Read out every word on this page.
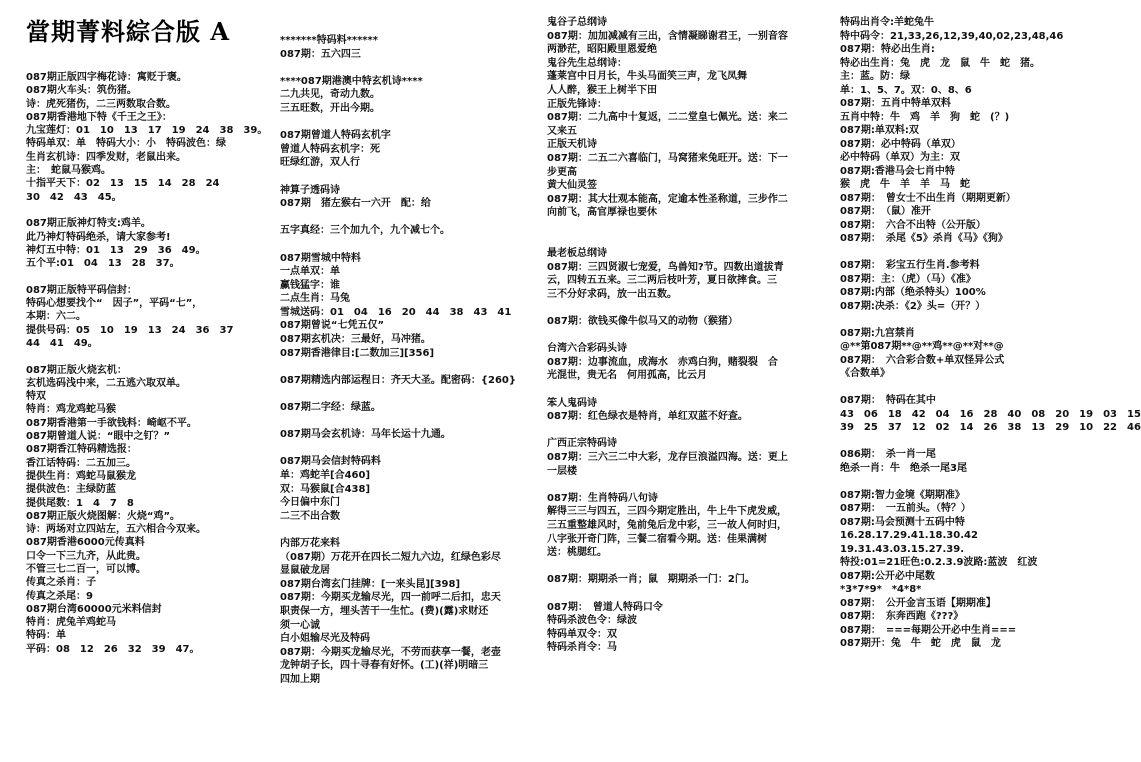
當期菁料綜合版 A
087期正版四字梅花诗：寓贬于褒。
087期火车头：筑伤猪。
诗：虎死猪伤，二三两数取合数。
087期香港地下特《千王之王》：
九宝莲灯：01　10　13　17　19　24　38　39。
特码单双：单　特码大小：小　特码波色：绿
生肖玄机诗：四季发财，老鼠出来。
主：　蛇鼠马猴鸡。
十指平天下：02　13　15　14　28　24
30　42　43　45。
087期正版神灯特支:鸡羊。
此乃神灯特码绝杀，请大家参考!
神灯五中特：01　13　29　36　49。
五个平:01　04　13　28　37。
087期正版特平码信封：
特码心想要找个“　因子”，平码“七”，
本期：六二。
提供号码：05　10　19　13　24　36　37
44　41　49。
087期正版火烧玄机：
玄机选码浅中来，二五逃六取双单。
特双
特肖：鸡龙鸡蛇马猴
087期香港第一手欲钱料：崎岖不平。
087期曾道人说：“眼中之钉？”
087期香江特码精选报：
香江话特码：二五加三。
提供生肖：鸡蛇马鼠猴龙
提供波色：主绿防蓝
提供尾数：1　4　7　8
087期正版火烧图解：火烧“鸡”。
诗：两场对立四站左，五六相合今双来。
087期香港6000元传真料
口令一下三九齐，从此贵。
不管三七二百一，可以博。
传真之杀肖：子
传真之杀尾：9
087期台湾60000元米料信封
特肖：虎兔羊鸡蛇马
特码：单
平码：08　12　26　32　39　47。
*******特码料******
087期：五六四三
****087期港澳中特玄机诗****
二九共见，奇动九数。
三五旺数，开出今期。
087期曾道人特码玄机字
曾道人特码玄机字：死
旺绿红游，双人行
神算子透码诗
087期　猪左猴右一六开　配：给
五字真经：三个加九个，九个减七个。
087期雪城中特料
一点单双：单
赢钱猛字：谁
二点生肖：马兔
雪城送码：01　04　16　20　44　38　43　41
087期曾说“七凭五仅”
087期玄机决：三最好，马冲猪。
087期香港律目:[二数加三][356]
087期精选内部运程日：齐天大圣。配密码：{260}
087期二字经：绿蓝。
087期马会玄机诗：马年长运十九通。
087期马会信封特码料
单：鸡蛇羊[合460]
双：马猴鼠[合438]
今日偏中东门
二三不出合数
内部万花来料
（087期）万花开在四长二短九六边，红绿色彩尽
显鼠破龙居
087期台湾玄门挂牌：[一来头昆][398]
087期：今期买龙输尽光，四一前呼二后扣，忠天
职责保一方，埋头苦干一生忙。(费)(露)求财还
须一心诚
白小姐输尽光及特码
087期：今期买龙输尽光，不劳而获享一餐，老壶
龙钟胡子长，四十寻春有好怀。(工)(祥)明暗三
四加上期
鬼谷子总纲诗
087期：加加减减有三出，含情凝睇谢君王，一别音容
两渺茫，昭阳殿里恩爱绝
鬼谷先生总纲诗：
蓬莱宫中日月长，牛头马面笑三声，龙飞凤舞
人人醉，猴王上树半下田
正版先锋诗：
087期：二九高中十复返，二二堂皇七佩光。送：来二
又来五
正版天机诗
087期：二五二六喜临门，马窝猪来兔旺开。送：下一
步更高
黄大仙灵签
087期：其大壮观本能高，定逾本性圣称道，三步作二
向前飞，高官厚禄也要休
最老板总纲诗
087期：三四贤淑七宠爱，鸟兽知?节。四数出道拔青
云，四转五五来。三二两后枝叶芳，夏日欲摔食。三
三不分好求码，放一出五数。
087期：欲钱买像牛似马又的动物（猴猪）
台湾六合彩码头诗
087期：边事流血，成海水　赤鸡白狗，赌裂裂　合
光混世，贵无名　何用孤高，比云月
笨人鬼码诗
087期：红色绿衣是特肖，单红双蓝不好查。
广西正宗特码诗
087期：三六三二中大彩，龙存巨浪溢四海。送：更上
一层楼
087期：生肖特码八句诗
解得三三与四五，三四今期定胜出，牛上牛下虎发威，
三五重整雄风时，兔前兔后龙中彩，三一故人何时归，
八字张开奇门阵，三餐二宿看今期。送：佳果满树
送：桃腮红。
087期：期期杀一肖；鼠　期期杀一门：2门。
087期：　曾道人特码口令
特码杀波色令：绿波
特码单双令：双
特码杀肖令：马
特码出肖令:羊蛇兔牛
特中码令：21,33,26,12,39,40,02,23,48,46
087期：特必出生肖:
特必出生肖：兔　虎　龙　鼠　牛　蛇　猪。
主：蓝。防：绿
单：1、5、7。双：0、8、6
087期：五肖中特单双料
五肖中特：牛　鸡　羊　狗　蛇　(？)
087期:单双料:双
087期：必中特码（单双）
必中特码（单双）为主：双
087期:香港马会七肖中特
猴　虎　牛　羊　羊　马　蛇
087期：　曾女士不出生肖（期期更新）
087期：　（鼠）准开
087期：　六合不出特（公开版）
087期：　杀尾《5》杀肖《马》《狗》
087期：　彩宝五行生肖.参考料
087期：主：（虎）（马）《准》
087期:内部（绝杀特头）100%
087期:决杀：《2》头=（开？）
087期:九宫禁肖
@**第087期**@**鸡**@**对**@
087期：　六合彩合数+单双怪异公式
《合数单》
087期：　特码在其中
43　06　18　42　04　16　28　40　08　20　19　03　15
39　25　37　12　02　14　26　38　13　29　10　22　46
086期：　杀一肖一尾
绝杀一肖：牛　绝杀一尾3尾
087期:智力金境《期期准》
087期：　一五前头。（特？）
087期:马会预测十五码中特
16.28.17.29.41.18.30.42
19.31.43.03.15.27.39.
特投:01=21旺色:0.2.3.9波路:蓝波　红波
087期:公开必中尾数
*3*7*9*　*4*8*
087期：　公开金言玉语【期期准】
087期：　东奔西跑《???》
087期：　===每期公开必中生肖===
087期开：兔　牛　蛇　虎　鼠　龙
